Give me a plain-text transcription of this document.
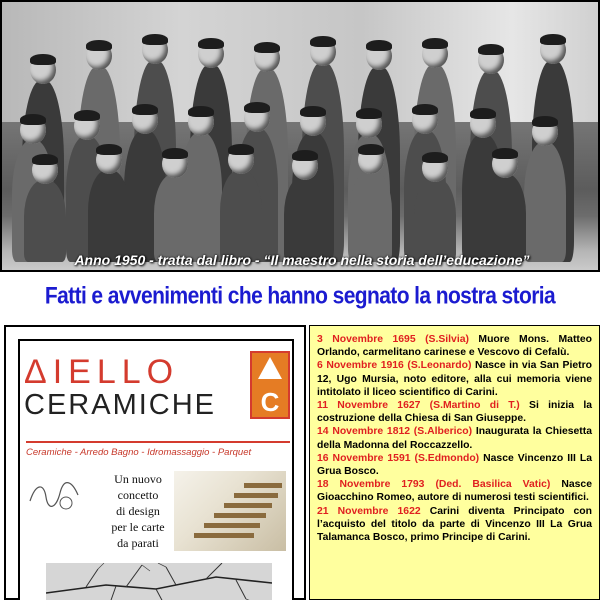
Anno 1950 - tratta dal libro - “Il maestro nella storia dell’educazione”
Fatti e avvenimenti che hanno segnato la nostra storia
ΔIELLO
CERAMICHE	C
Ceramiche - Arredo Bagno - Idromassaggio - Parquet
Un nuovo
concetto
di design
per le carte
da parati
3 Novembre 1695 (S.Silvia) Muore Mons. Matteo Orlando, carmelitano carinese e Vescovo di Cefalù.
6 Novembre 1916 (S.Leonardo) Nasce in via San Pietro 12, Ugo Mursia, noto editore, alla cui memoria viene intitolato il liceo scientifico di Carini.
11 Novembre 1627 (S.Martino di T.) Si inizia la costruzione della Chiesa di San Giuseppe.
14 Novembre 1812 (S.Alberico) Inaugurata la Chiesetta della Madonna del Roccazzello.
16 Novembre 1591 (S.Edmondo) Nasce Vincenzo III La Grua Bosco.
18 Novembre 1793 (Ded. Basilica Vatic) Nasce Gioacchino Romeo, autore di numerosi testi scientifici.
21 Novembre 1622 Carini diventa Principato con l’acquisto del titolo da parte di Vincenzo III La Grua Talamanca Bosco, primo Principe di Carini.
